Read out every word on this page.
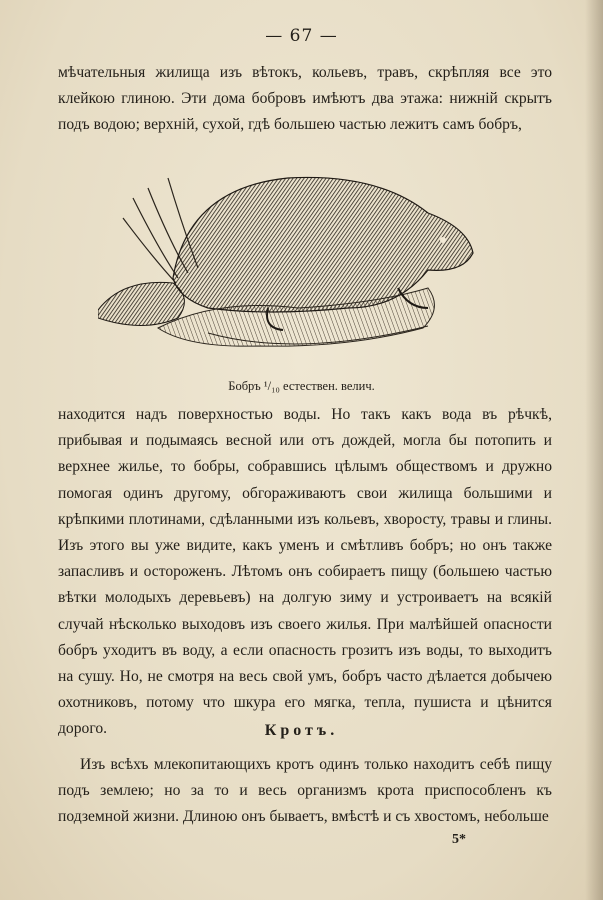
— 67 —

мѣчательныя жилища изъ вѣтокъ, кольевъ, травъ, скрѣпляя все это клейкою глиною. Эти дома бобровъ имѣютъ два этажа: нижній скрытъ подъ водою; верхній, сухой, гдѣ большею частью лежитъ самъ бобръ,

Бобръ ¹/₁₀ естествен. велич.

находится надъ поверхностью воды. Но такъ какъ вода въ рѣчкѣ, прибывая и подымаясь весной или отъ дождей, могла бы потопить и верхнее жилье, то бобры, собравшись цѣлымъ обществомъ и дружно помогая одинъ другому, обгораживаютъ свои жилища большими и крѣпкими плотинами, сдѣланными изъ кольевъ, хворосту, травы и глины. Изъ этого вы уже видите, какъ уменъ и смѣтливъ бобръ; но онъ также запасливъ и остороженъ. Лѣтомъ онъ собираетъ пищу (большею частью вѣтки молодыхъ деревьевъ) на долгую зиму и устроиваетъ на всякій случай нѣсколько выходовъ изъ своего жилья. При малѣйшей опасности бобръ уходитъ въ воду, а если опасность грозитъ изъ воды, то выходитъ на сушу. Но, не смотря на весь свой умъ, бобръ часто дѣлается добычею охотниковъ, потому что шкура его мягка, тепла, пушиста и цѣнится дорого.	Кротъ.

Изъ всѣхъ млекопитающихъ кротъ одинъ только находитъ себѣ пищу подъ землею; но за то и весь организмъ крота приспособленъ къ подземной жизни. Длиною онъ бываетъ, вмѣстѣ и съ хвостомъ, небольше

5*
